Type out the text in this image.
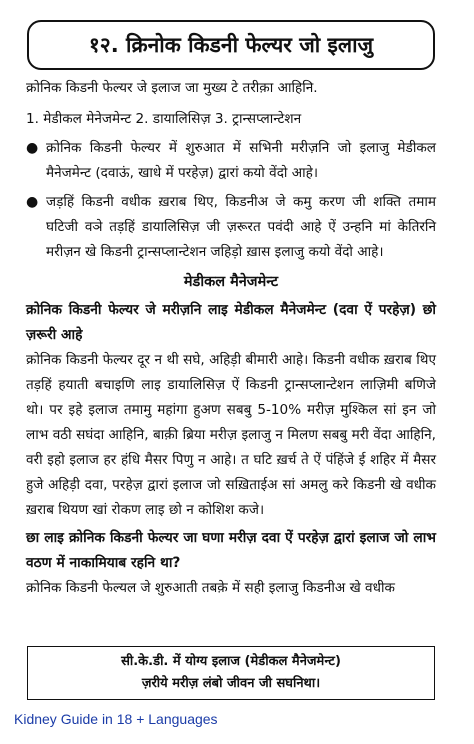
१२. क्रिनोक किडनी फेल्यर जो इलाजु

क्रोनिक किडनी फेल्यर जे इलाज जा मुख्य टे तरीक़ा आहिनि.

1. मेडीकल मेनेजमेन्ट 2. डायालिसिज़ 3. ट्रान्सप्लान्टेशन

● क्रोनिक किडनी फेल्यर में शुरुआत में सभिनी मरीज़नि जो इलाजु मेडीकल मैनेजमेन्ट (दवाऊं, खाधे में परहेज़) द्वारां कयो वेंदो आहे।

● जड़हिं किडनी वधीक ख़राब थिए, किडनीअ जे कमु करण जी शक्ति तमाम घटिजी वञे तड़हिं डायालिसिज़ जी ज़रूरत पवंदी आहे ऐं उन्हनि मां केतिरनि मरीज़न खे किडनी ट्रान्सप्लान्टेशन जहिड़ो ख़ास इलाजु कयो वेंदो आहे।

मेडीकल मैनेजमेन्ट

क्रोनिक किडनी फेल्यर जे मरीज़नि लाइ मेडीकल मैनेजमेन्ट (दवा ऐं परहेज़) छो ज़रूरी आहे

क्रोनिक किडनी फेल्यर दूर न थी सघे, अहिड़ी बीमारी आहे। किडनी वधीक ख़राब थिए तड़हिं हयाती बचाइणि लाइ डायालिसिज़ ऐं किडनी ट्रान्सप्लान्टेशन लाज़िमी बणिजे थो। पर इहे इलाज तमामु महांगा हुअण सबबु 5-10% मरीज़ मुश्किल सां इन जो लाभ वठी सघंदा आहिनि, बाक़ी ब्रिया मरीज़ इलाजु न मिलण सबबु मरी वेंदा आहिनि, वरी इहो इलाज हर हंधि मैसर पिणु न आहे। त घटि ख़र्च ते ऐं पंहिंजे ई शहिर में मैसर हुजे अहिड़ी दवा, परहेज़ द्वारां इलाज जो सख़िताईअ सां अमलु करे किडनी खे वधीक ख़राब थियण खां रोकण लाइ छो न कोशिश कजे।

छा लाइ क्रोनिक किडनी फेल्यर जा घणा मरीज़ दवा ऐं परहेज़ द्वारां इलाज जो लाभ वठण में नाकामियाब रहनि था?

क्रोनिक किडनी फेल्यल जे शुरुआती तबक़े में सही इलाजु किडनीअ खे वधीक

सी.के.डी. में योग्य इलाज (मेडीकल मैनेजमेन्ट)
ज़रीये मरीज़ लंबो जीवन जी सघनिथा।
Kidney Guide in 18 + Languages
